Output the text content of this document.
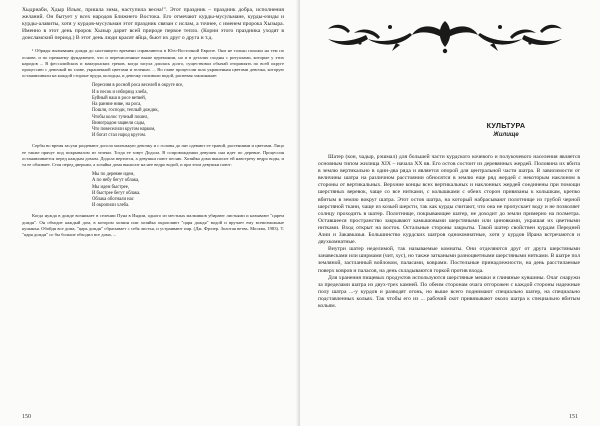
Хыдрнаби, Хдыр Ильяс, пришла зима, наступила весна!". Этот праздник – праздник добра, исполнения желаний. Он бытует у всех народов Ближнего Востока. Его отмечают курды-мусульмане, курды-езиды и курды-алавиты, хотя у курдов-мусульман этот праздник связан с ислам, а точнее, с именем пророка Хызыра. Именно в этот день пророк Хызыр дарит всей природе первое тепло. (Корни этого праздника уходят в доисламский период.) В этот день люди красят яйца, бьют их друг о друга и т.д.

¹ Обряды вызывания дождя до настоящего времени справляются в Юго-Восточной Европе. Они не только похожи на тем по основе, и по прежнему фундаменте, что и перечисленные выше церемонии, но и в деталях сходны с ритуалами, которые у этих народов ... В фессалийских и македонских греков, когда засуха длилась долго, существовал обычай отправлять по всей округе процессию с девочкой во главе, украшенной цветами и зеленью. ... Во главе процессии шла украшенная цветами девочка, которую останавливали на каждой стороне пруда, колодцы, и девочку поливали водой, распевая заклинание:

Пересиня в росной роса веселей в округе ясе,
И в песок и избирязд хлеба,
Буйный наш в росе ветвей,
На ранние ниве, на роса,
Пошли, господи, теплый дождик,
Чтобы колос тучный пошел,
Виноградом зацвели сады,
Что повеселили кругом нарком,
И богат стал народ кругом.

Сербы во время засухи раздевают догола маленькую девочку и с головы до пят одевают ее травой, растениями и цветами. Лицо ее также прячут под покрывалом из зелени. Тогда ее зовут Додола. В сопровождении девушек она идет по деревне. Процессия останавливается перед каждым домом. Додола вертится, а девушки поют песню. Хозяйка дома выносит ей навстречу ведро воды, и та ее обливает. Стоя перед дверьми, а хозяйка дома выносит на нее ведро водой, и при этом девушки поют:

Мы по деревне идем,
А по небу бегут облака,
Мы идем быстрее,
И быстрее бегут облака.
Облака обогнали нас
И окропили хлеба.

Когда нужда в дожде возникает в селении Пуна в Индии, одного из местных мальчиков убирают листьями и называют "царем дождя". Он обходит каждый дом, в котором хозяин или хозяйка окропляют "царя дождя" водой и вручает ему всевозможные кушанья. Обойдя все дома, "царь дождя" сбрасывает с себя листья, и устраивают пир. (Дж. Фрэзер. Золотая ветвь. Москва, 1983). Т. "царя дождя" со бы больше обходил все дома, ...

150
КУЛЬТУРА
Жилище

Шатер (кон, чадыр, рэшмал) для большей части курдского кочевого и полукочевого населения является основным типом жилища XIX – начала XX вв. Его остов состоит из деревянных жердей. Половина их вбита в землю вертикально в один-два ряда и является опорой для центральной части шатра. В зависимости от величины шатра на различном расстоянии обносятся в землю еще ряд жердей с некоторым наклоном в стороны от вертикальных. Верхние концы всех вертикальных и наклонных жердей соединены при помощи шерстяных веревок, чаще со все нитками, с колышками с обеих сторон привязаны к кольшкам, крепко вбитым в землю вокруг шатра. Этот остов шатра, на который набрасывают полотнище из грубой черной шерстяной ткани, чаще из козьей шерсти, так как курды считают, что она не пропускает воду и не позволяет солнцу проходить в шатер. Полотнище, покрывающее шатер, не доходит до земли примерно на полметра. Оставшееся пространство закрывают камышовыми шерстяными или циновками, украшая их цветными нитками. Вход открыт на восток. Остальные стороны закрыты. Такой шатер свойствен курдам Передней Азии и Закавказья. Большинство курдских шатров однокомнатные, хотя у курдов Ирана встречаются и двухкомнатные.

Внутри шатер неделимой, так называемые комнаты. Они отделяются друг от друга шерстяными занавесками или ширмами (чит, хус), но также заткаными разноцветными шерстяными нитками. В шатре пол земляной, застланный войлоком, паласами, коврами. Постельные принадлежности, на день расстилаемые поверх ковров и паласов, на день складываются горкой против входа.

Для хранения пищевых продуктов используются шерстяные мешки и глиняные кувшины. Очаг снаружи за пределами шатра из двух-трех камней. По обеим сторонам очага отгорожен с каждой стороны надежные полу шатра ...-у курдов и разводят огонь, но выше всего поднимают специально шатер, на специально подставленных кольях. Так чтобы его из ... рабочий скот привязывают около шатра к специально вбитым кольям.

151
